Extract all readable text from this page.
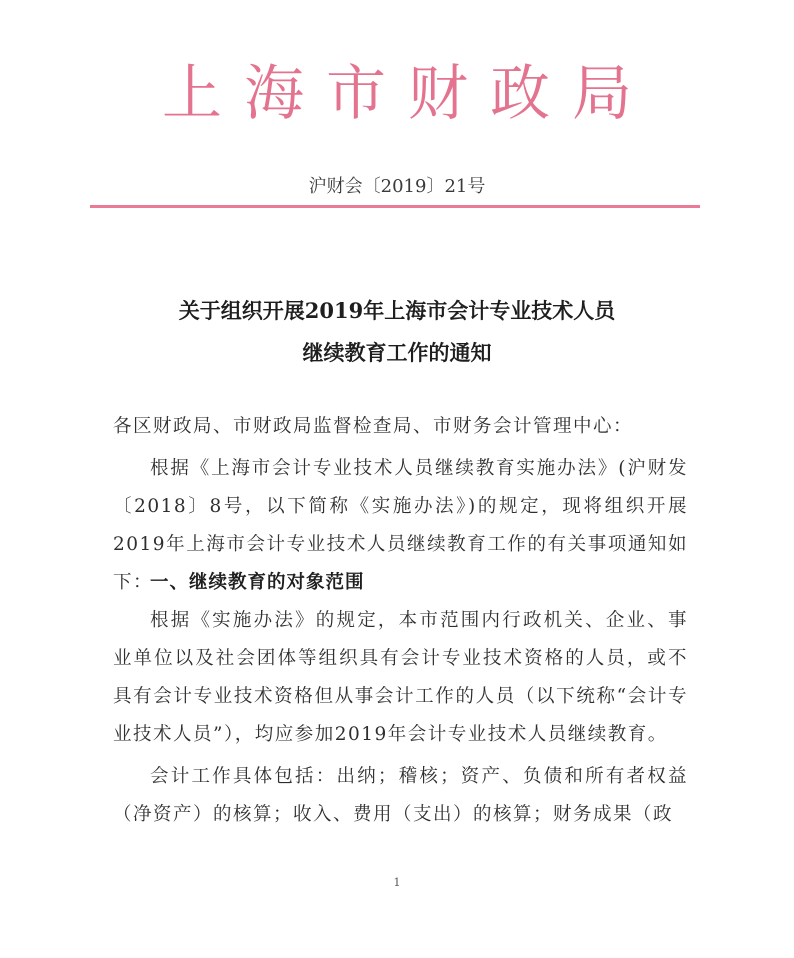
上海市财政局
沪财会〔2019〕21号
关于组织开展2019年上海市会计专业技术人员
继续教育工作的通知

各区财政局、市财政局监督检查局、市财务会计管理中心：

根据《上海市会计专业技术人员继续教育实施办法》(沪财发〔2018〕8号，以下简称《实施办法》)的规定，现将组织开展2019年上海市会计专业技术人员继续教育工作的有关事项通知如下：

一、继续教育的对象范围

根据《实施办法》的规定，本市范围内行政机关、企业、事业单位以及社会团体等组织具有会计专业技术资格的人员，或不具有会计专业技术资格但从事会计工作的人员（以下统称“会计专业技术人员”），均应参加2019年会计专业技术人员继续教育。

会计工作具体包括：出纳；稽核；资产、负债和所有者权益（净资产）的核算；收入、费用（支出）的核算；财务成果（政

1
